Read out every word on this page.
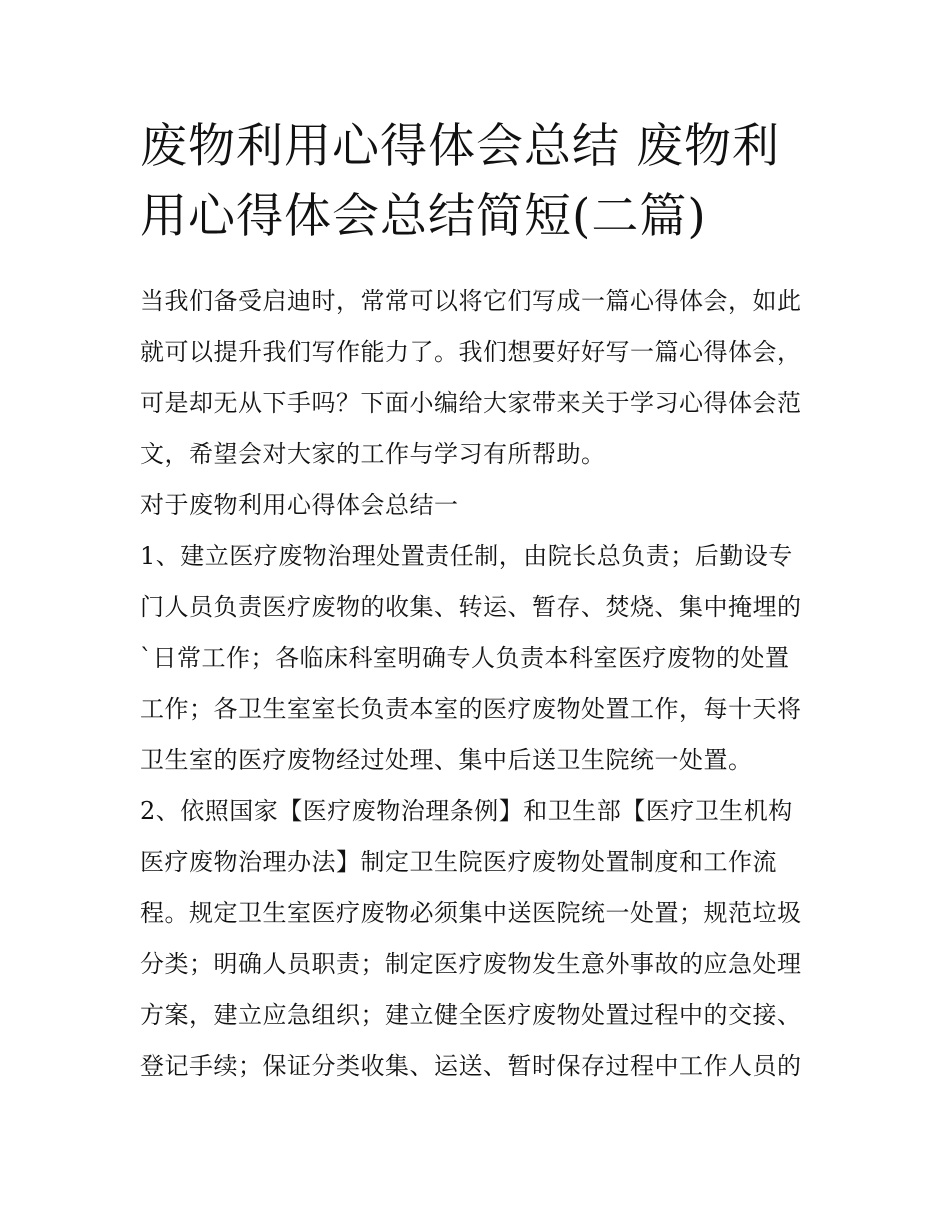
废物利用心得体会总结 废物利
用心得体会总结简短(二篇)
当我们备受启迪时，常常可以将它们写成一篇心得体会，如此
就可以提升我们写作能力了。我们想要好好写一篇心得体会，
可是却无从下手吗？下面小编给大家带来关于学习心得体会范
文，希望会对大家的工作与学习有所帮助。
对于废物利用心得体会总结一
1、建立医疗废物治理处置责任制，由院长总负责；后勤设专
门人员负责医疗废物的收集、转运、暂存、焚烧、集中掩埋的
`日常工作；各临床科室明确专人负责本科室医疗废物的处置
工作；各卫生室室长负责本室的医疗废物处置工作，每十天将
卫生室的医疗废物经过处理、集中后送卫生院统一处置。
2、依照国家【医疗废物治理条例】和卫生部【医疗卫生机构
医疗废物治理办法】制定卫生院医疗废物处置制度和工作流
程。规定卫生室医疗废物必须集中送医院统一处置；规范垃圾
分类；明确人员职责；制定医疗废物发生意外事故的应急处理
方案，建立应急组织；建立健全医疗废物处置过程中的交接、
登记手续；保证分类收集、运送、暂时保存过程中工作人员的
